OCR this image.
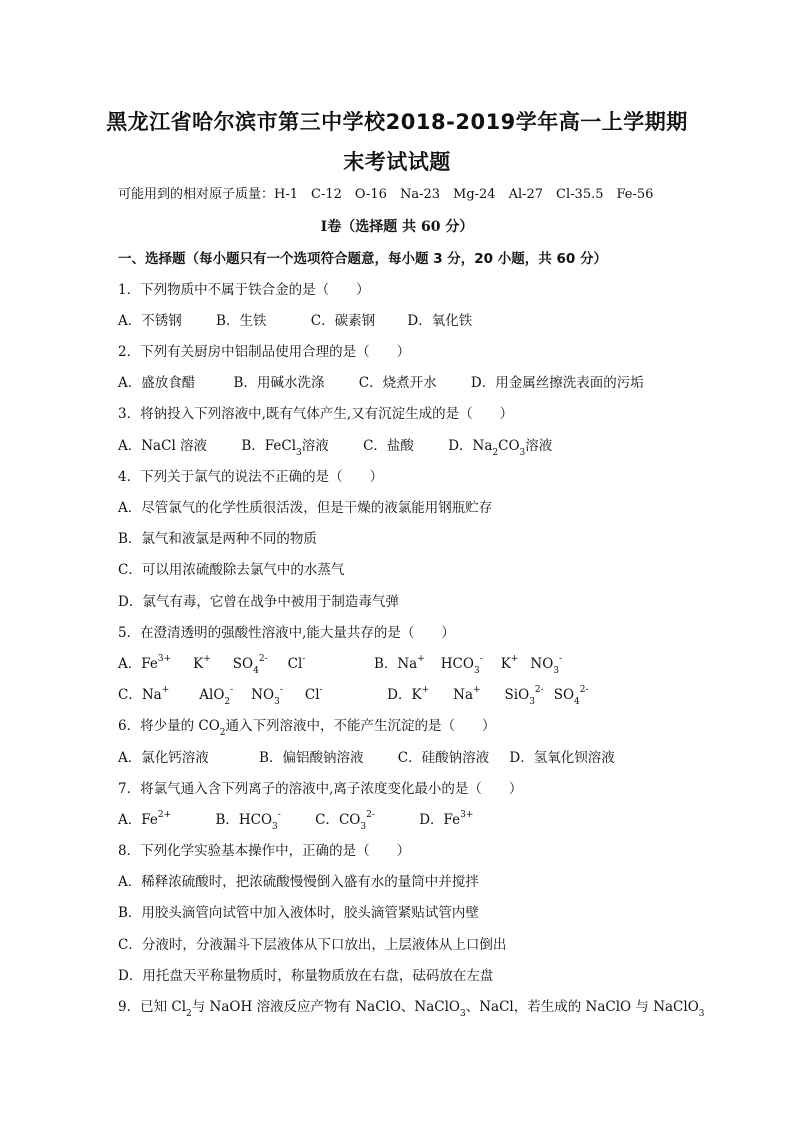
黑龙江省哈尔滨市第三中学校2018-2019学年高一上学期期
末考试试题
可能用到的相对原子质量：H-1　C-12　O-16　Na-23　Mg-24　Al-27　Cl-35.5　Fe-56
Ⅰ卷（选择题 共 60 分）
一、选择题（每小题只有一个选项符合题意，每小题 3 分，20 小题，共 60 分）
1．下列物质中不属于铁合金的是（　　）
A．不锈钢	B．生铁	C．碳素钢 D．氧化铁
2．下列有关厨房中铝制品使用合理的是（　　）
A．盛放食醋	B．用碱水洗涤	C．烧煮开水	D．用金属丝擦洗表面的污垢
3．将钠投入下列溶液中,既有气体产生,又有沉淀生成的是（　　）
A．NaCl 溶液	B．FeCl$_3$溶液	C．盐酸	D．$Na_2CO_3$溶液
4．下列关于氯气的说法不正确的是（　　）
A．尽管氯气的化学性质很活泼，但是干燥的液氯能用钢瓶贮存
B．氯气和液氯是两种不同的物质
C．可以用浓硫酸除去氯气中的水蒸气
D．氯气有毒，它曾在战争中被用于制造毒气弹
5．在澄清透明的强酸性溶液中,能大量共存的是（　　）
A．$Fe^{3+}$ K+ $SO_4^{2-}$ Cl-	B．Na+ $HCO_3^-$ K+ $NO_3^-$
C．Na+ AlO$_2$- $NO_3^-$ Cl-	D．K+ Na+ SiO$_3^{2-}$ $SO_4^{2-}$
6．将少量的 $CO_2$通入下列溶液中，不能产生沉淀的是（　　）
A．氯化钙溶液	B．偏铝酸钠溶液	C．硅酸钠溶液 D．氢氧化钡溶液
7．将氯气通入含下列离子的溶液中,离子浓度变化最小的是（　　）
A．$Fe^{2+}$	B．$HCO_3^-$	C．$CO_3^{2-}$	D．$Fe^{3+}$
8．下列化学实验基本操作中，正确的是（　　）
A．稀释浓硫酸时，把浓硫酸慢慢倒入盛有水的量筒中并搅拌
B．用胶头滴管向试管中加入液体时，胶头滴管紧贴试管内壁
C．分液时，分液漏斗下层液体从下口放出，上层液体从上口倒出
D．用托盘天平称量物质时，称量物质放在右盘，砝码放在左盘
9．已知 $Cl_2$与 NaOH 溶液反应产物有 NaClO、NaClO$_3$、NaCl，若生成的 NaClO 与 NaClO$_3$
